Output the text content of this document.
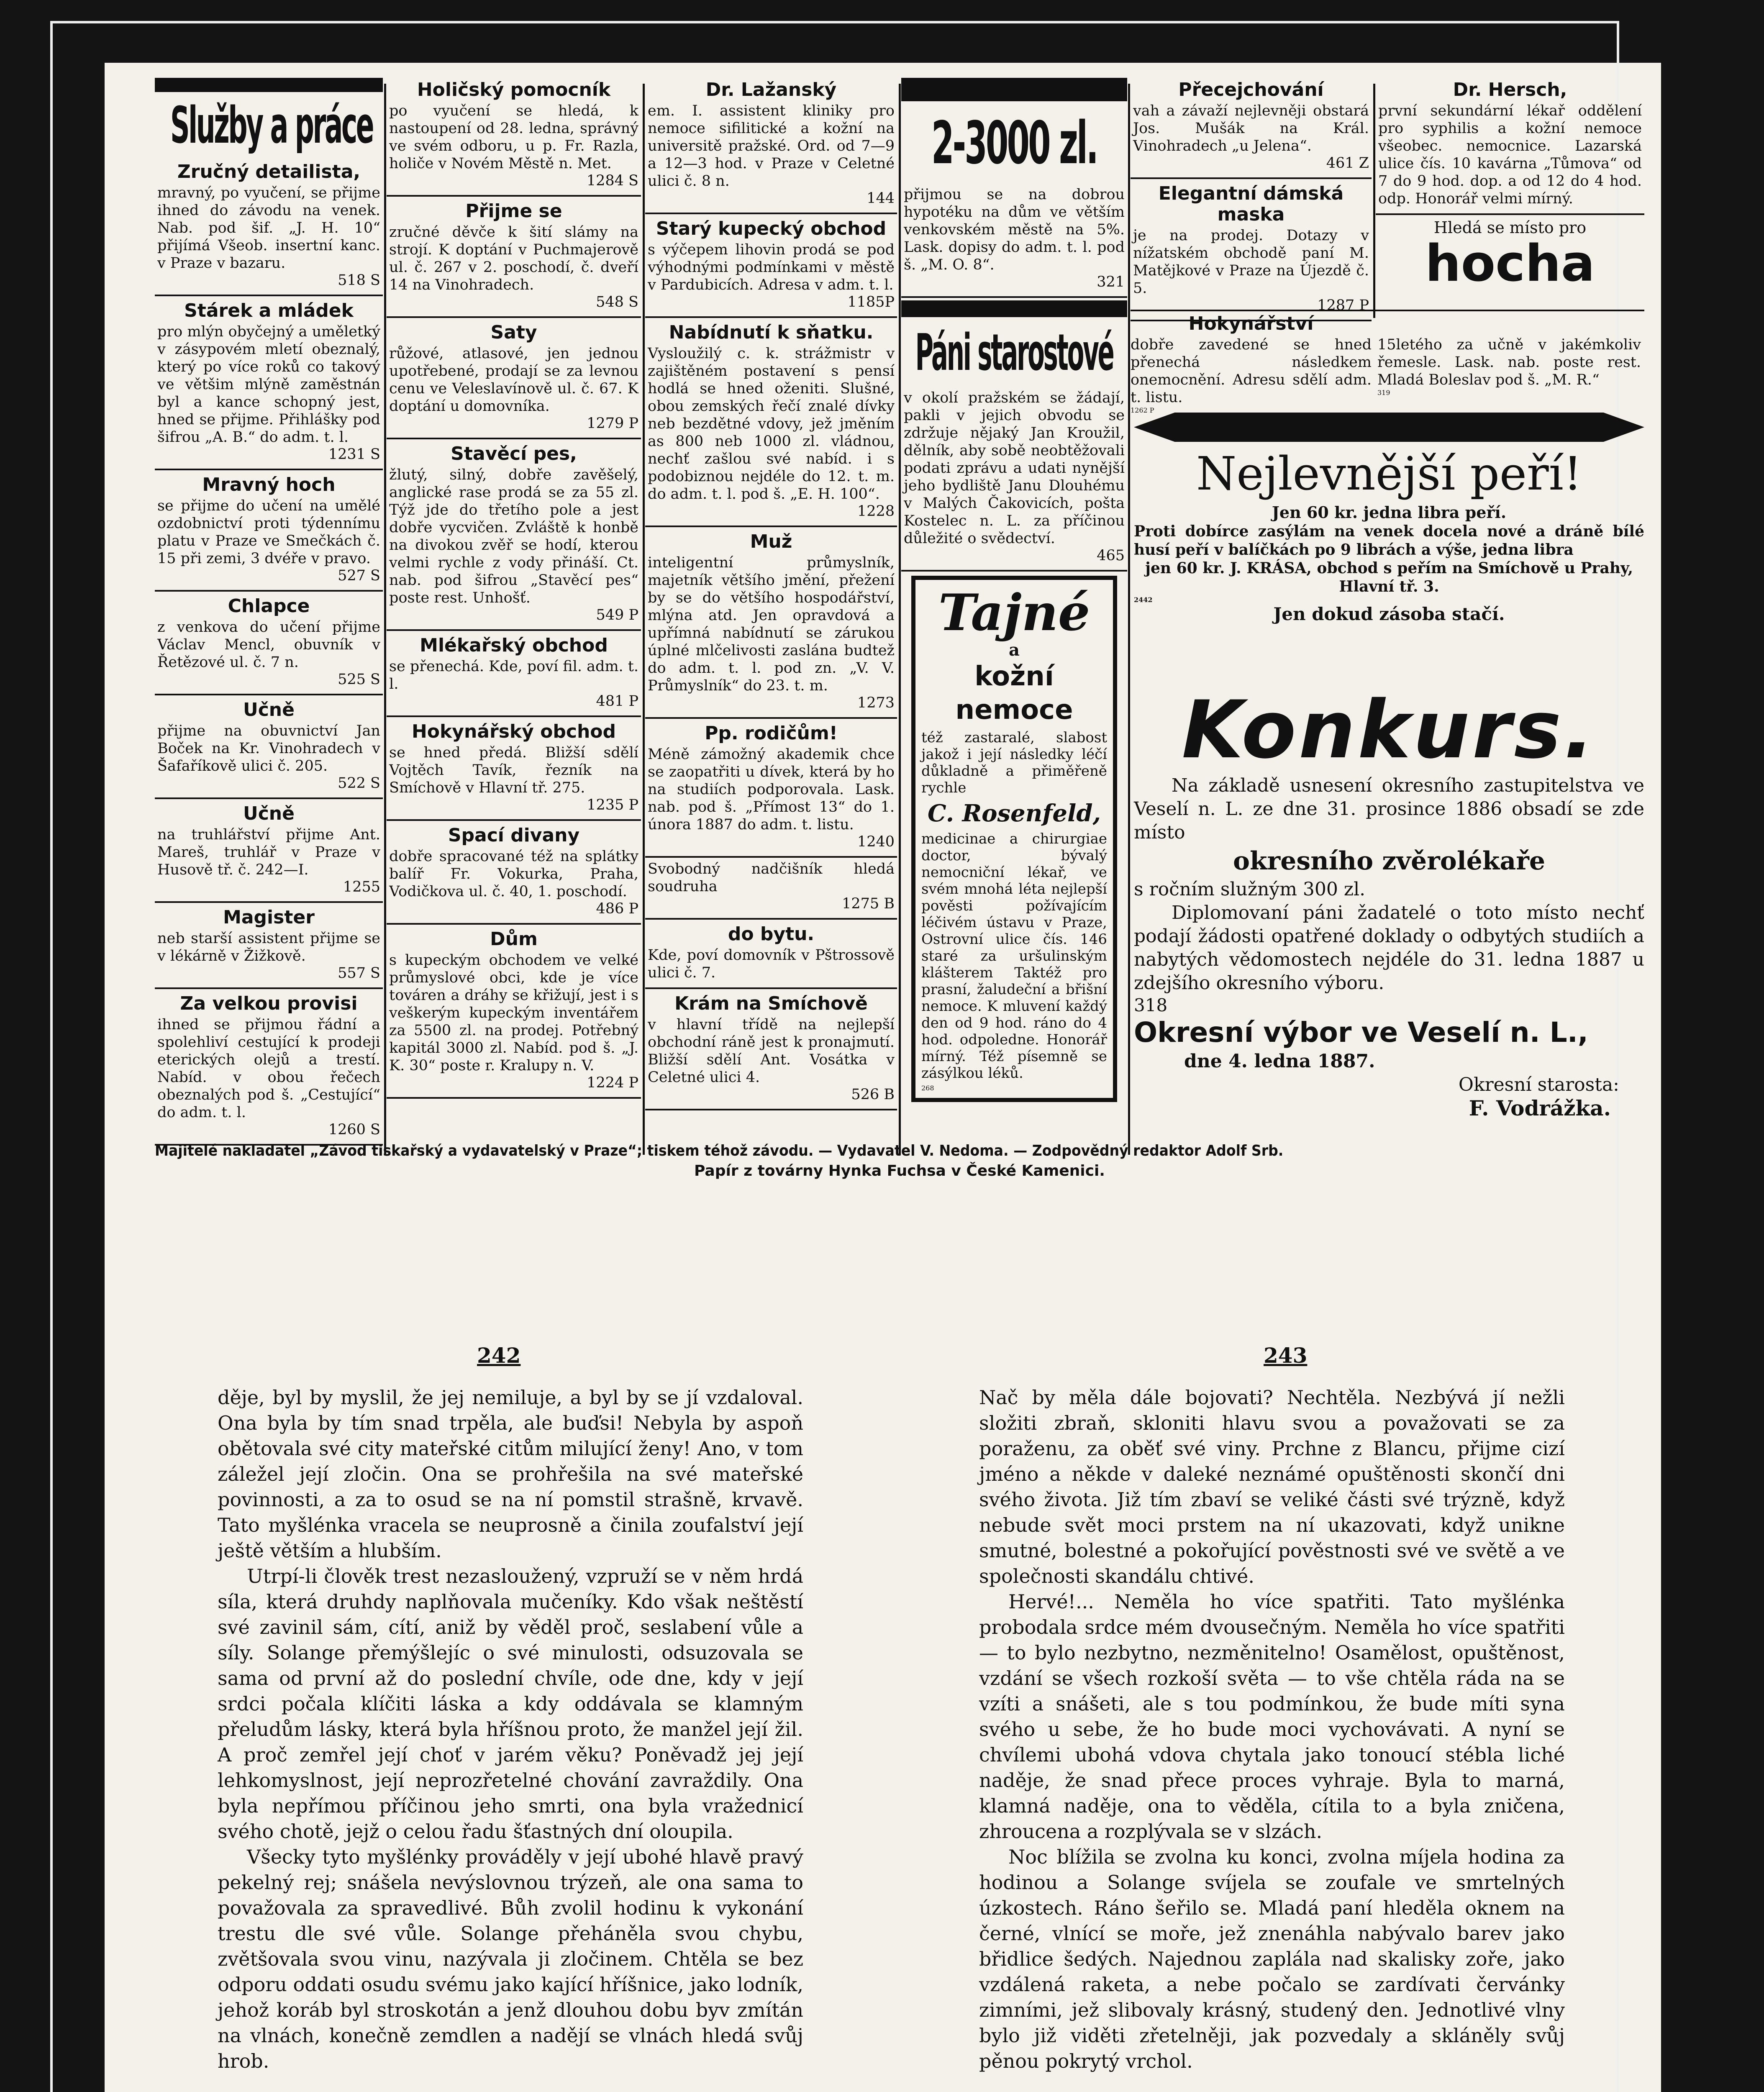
Služby a práce
Zručný detailista,

mravný, po vyučení, se přijme ihned do závodu na venek. Nab. pod šif. „J. H. 10“ přijímá Všeob. insertní kanc. v Praze v bazaru.

518 S
Stárek a mládek

pro mlýn obyčejný a uměletký v zásypovém mletí obeznalý, který po více roků co takový ve většim mlýně zaměstnán byl a kance schopný jest, hned se přijme. Přihlášky pod šifrou „A. B.“ do adm. t. l.

1231 S
Mravný hoch

se přijme do učení na umělé ozdobnictví proti týdennímu platu v Praze ve Smečkách č. 15 při zemi, 3 dvéře v pravo.

527 S
Chlapce

z venkova do učení přijme Václav Mencl, obuvník v Řetězové ul. č. 7 n.

525 S
Učně

přijme na obuvnictví Jan Boček na Kr. Vinohradech v Šafaříkově ulici č. 205.

522 S
Učně

na truhlářství přijme Ant. Mareš, truhlář v Praze v Husově tř. č. 242—I.

1255
Magister

neb starší assistent přijme se v lékárně v Žižkově.

557 S
Za velkou provisi

ihned se přijmou řádní a spolehliví cestující k prodeji eterických olejů a trestí. Nabíd. v obou řečech obeznalých pod š. „Cestující“ do adm. t. l.

1260 S
Holičský pomocník

po vyučení se hledá, k nastoupení od 28. ledna, správný ve svém odboru, u p. Fr. Razla, holiče v Novém Městě n. Met.

1284 S
Přijme se

zručné děvče k šití slámy na strojí. K doptání v Puchmajerově ul. č. 267 v 2. poschodí, č. dveří 14 na Vinohradech.

548 S
Saty

růžové, atlasové, jen jednou upotřebené, prodají se za levnou cenu ve Veleslavínově ul. č. 67. K doptání u domovníka.

1279 P
Stavěcí pes,

žlutý, silný, dobře zavěšelý, anglické rase prodá se za 55 zl. Týž jde do třetího pole a jest dobře vycvičen. Zvláště k honbě na divokou zvěř se hodí, kterou velmi rychle z vody přináší. Ct. nab. pod šifrou „Stavěcí pes“ poste rest. Unhošť.

549 P
Mlékařský obchod

se přenechá. Kde, poví fil. adm. t. l.

481 P
Hokynářský obchod

se hned předá. Bližší sdělí Vojtěch Tavík, řezník na Smíchově v Hlavní tř. 275.

1235 P
Spací divany

dobře spracované též na splátky balíř Fr. Vokurka, Praha, Vodičkova ul. č. 40, 1. poschodí.

486 P
Dům

s kupeckým obchodem ve velké průmyslové obci, kde je více továren a dráhy se křižují, jest i s veškerým kupeckým inventářem za 5500 zl. na prodej. Potřebný kapitál 3000 zl. Nabíd. pod š. „J. K. 30“ poste r. Kralupy n. V.

1224 P
Dr. Lažanský

em. I. assistent kliniky pro nemoce sifilitické a kožní na universitě pražské. Ord. od 7—9 a 12—3 hod. v Praze v Celetné ulici č. 8 n.

144
Starý kupecký obchod

s výčepem lihovin prodá se pod výhodnými podmínkami v městě v Pardubicích. Adresa v adm. t. l.

1185P
Nabídnutí k sňatku.

Vysloužilý c. k. strážmistr v zajištěném postavení s pensí hodlá se hned oženiti. Slušné, obou zemských řečí znalé dívky neb bezdětné vdovy, jež jměním as 800 neb 1000 zl. vládnou, nechť zašlou své nabíd. i s podobiznou nejdéle do 12. t. m. do adm. t. l. pod š. „E. H. 100“.

1228
Muž

inteligentní průmyslník, majetník většího jmění, přežení by se do většího hospodářství, mlýna atd. Jen opravdová a upřímná nabídnutí se zárukou úplné mlčelivosti zaslána budtež do adm. t. l. pod zn. „V. V. Průmyslník“ do 23. t. m.

1273
Pp. rodičům!

Méně zámožný akademik chce se zaopatřiti u dívek, která by ho na studiích podporovala. Lask. nab. pod š. „Přímost 13“ do 1. února 1887 do adm. t. listu.

1240

Svobodný nadčišník hledá soudruha

1275 B
do bytu.

Kde, poví domovník v Pštrossově ulici č. 7.

Krám na Smíchově

v hlavní třídě na nejlepší obchodní ráně jest k pronajmutí. Bližší sdělí Ant. Vosátka v Celetné ulici 4.

526 B
2-3000 zl.

přijmou se na dobrou hypotéku na dům ve větším venkovském městě na 5%. Lask. dopisy do adm. t. l. pod š. „M. O. 8“.

321
Páni starostové

v okolí pražském se žádají, pakli v jejich obvodu se zdržuje nějaký Jan Kroužil, dělník, aby sobě neobtěžovali podati zprávu a udati nynější jeho bydliště Janu Dlouhému v Malých Čakovicích, pošta Kostelec n. L. za příčinou důležité o svědectví.

465
Tajné
a
kožní nemoce

též zastaralé, slabost jakož i její následky léčí důkladně a přiměřeně rychle

C. Rosenfeld,

medicinae a chirurgiae doctor, bývalý nemocniční lékař, ve svém mnohá léta nejlepší pověsti požívajícím léčivém ústavu v Praze, Ostrovní ulice čís. 146 staré za uršulinským klášterem Taktéž pro prasní, žaludeční a břišní nemoce. K mluvení každý den od 9 hod. ráno do 4 hod. odpoledne. Honorář mírný. Též písemně se zásýlkou léků.

268
Přecejchování

vah a závaží nejlevněji obstará Jos. Mušák na Král. Vinohradech „u Jelena“.

461 Z
Elegantní dámská maska

je na prodej. Dotazy v nížatském obchodě paní M. Matějkové v Praze na Újezdě č. 5.

1287 P
Dr. Hersch,

první sekundární lékař oddělení pro syphilis a kožní nemoce všeobec. nemocnice. Lazarská ulice čís. 10 kavárna „Tůmova“ od 7 do 9 hod. dop. a od 12 do 4 hod. odp. Honorář velmi mírný.

Hledá se místo pro
hocha
Hokynářství

dobře zavedené se hned přenechá následkem onemocnění. Adresu sdělí adm. t. listu.

1262 P

15letého za učně v jakémkoliv řemesle. Lask. nab. poste rest. Mladá Boleslav pod š. „M. R.“

319
Nejlevnější peří!

Jen 60 kr. jedna libra peří.

Proti dobírce zasýlám na venek docela nové a dráně bílé husí peří v balíčkách po 9 librách a výše, jedna libra

jen 60 kr. J. KRÁSA, obchod s peřím na Smíchově u Prahy, Hlavní tř. 3.

2442

Jen dokud zásoba stačí.

Konkurs.

Na základě usnesení okresního zastupitelstva ve Veselí n. L. ze dne 31. prosince 1886 obsadí se zde místo

okresního zvěrolékaře

s ročním služným 300 zl.

Diplomovaní páni žadatelé o toto místo nechť podají žádosti opatřené doklady o odbytých studiích a nabytých vědomostech nejdéle do 31. ledna 1887 u zdejšího okresního výboru.

318

Okresní výbor ve Veselí n. L.,

dne 4. ledna 1887.

Okresní starosta:

F. Vodrážka.

Majitelé nakladatel „Závod tiskařský a vydavatelský v Praze“; tiskem téhož závodu. — Vydavatel V. Nedoma. — Zodpovědný redaktor Adolf Srb.
Papír z továrny Hynka Fuchsa v České Kamenici.
242	243

děje, byl by myslil, že jej nemiluje, a byl by se jí vzdaloval. Ona byla by tím snad trpěla, ale buďsi! Nebyla by aspoň obětovala své city mateřské citům milující ženy! Ano, v tom záležel její zločin. Ona se prohřešila na své mateřské povinnosti, a za to osud se na ní pomstil strašně, krvavě. Tato myšlénka vracela se neuprosně a činila zoufalství její ještě větším a hlubším.

Utrpí-li člověk trest nezasloužený, vzpruží se v něm hrdá síla, která druhdy naplňovala mučeníky. Kdo však neštěstí své zavinil sám, cítí, aniž by věděl proč, seslabení vůle a síly. Solange přemýšlejíc o své minulosti, odsuzovala se sama od první až do poslední chvíle, ode dne, kdy v její srdci počala klíčiti láska a kdy oddávala se klamným přeludům lásky, která byla hříšnou proto, že manžel její žil. A proč zemřel její choť v jarém věku? Poněvadž jej její lehkomyslnost, její neprozřetelné chování zavraždily. Ona byla nepřímou příčinou jeho smrti, ona byla vražednicí svého chotě, jejž o celou řadu šťastných dní oloupila.

Všecky tyto myšlénky prováděly v její ubohé hlavě pravý pekelný rej; snášela nevýslovnou trýzeň, ale ona sama to považovala za spravedlivé. Bůh zvolil hodinu k vykonání trestu dle své vůle. Solange přeháněla svou chybu, zvětšovala svou vinu, nazývala ji zločinem. Chtěla se bez odporu oddati osudu svému jako kající hříšnice, jako lodník, jehož koráb byl stroskotán a jenž dlouhou dobu byv zmítán na vlnách, konečně zemdlen a nadějí se vlnách hledá svůj hrob.

Nač by měla dále bojovati? Nechtěla. Nezbývá jí nežli složiti zbraň, skloniti hlavu svou a považovati se za poraženu, za oběť své viny. Prchne z Blancu, přijme cizí jméno a někde v daleké neznámé opuštěnosti skončí dni svého života. Již tím zbaví se veliké části své trýzně, když nebude svět moci prstem na ní ukazovati, když unikne smutné, bolestné a pokořující pověstnosti své ve světě a ve společnosti skandálu chtivé.

Hervé!... Neměla ho více spatřiti. Tato myšlénka probodala srdce mém dvousečným. Neměla ho více spatřiti — to bylo nezbytno, nezměnitelno! Osamělost, opuštěnost, vzdání se všech rozkoší světa — to vše chtěla ráda na se vzíti a snášeti, ale s tou podmínkou, že bude míti syna svého u sebe, že ho bude moci vychovávati. A nyní se chvílemi ubohá vdova chytala jako tonoucí stébla liché naděje, že snad přece proces vyhraje. Byla to marná, klamná naděje, ona to věděla, cítila to a byla zničena, zhroucena a rozplývala se v slzách.

Noc blížila se zvolna ku konci, zvolna míjela hodina za hodinou a Solange svíjela se zoufale ve smrtelných úzkostech. Ráno šeřilo se. Mladá paní hleděla oknem na černé, vlnící se moře, jež znenáhla nabývalo barev jako břidlice šedých. Najednou zaplála nad skalisky zoře, jako vzdálená raketa, a nebe počalo se zardívati červánky zimními, jež slibovaly krásný, studený den. Jednotlivé vlny bylo již viděti zřetelněji, jak pozvedaly a skláněly svůj pěnou pokrytý vrchol.
